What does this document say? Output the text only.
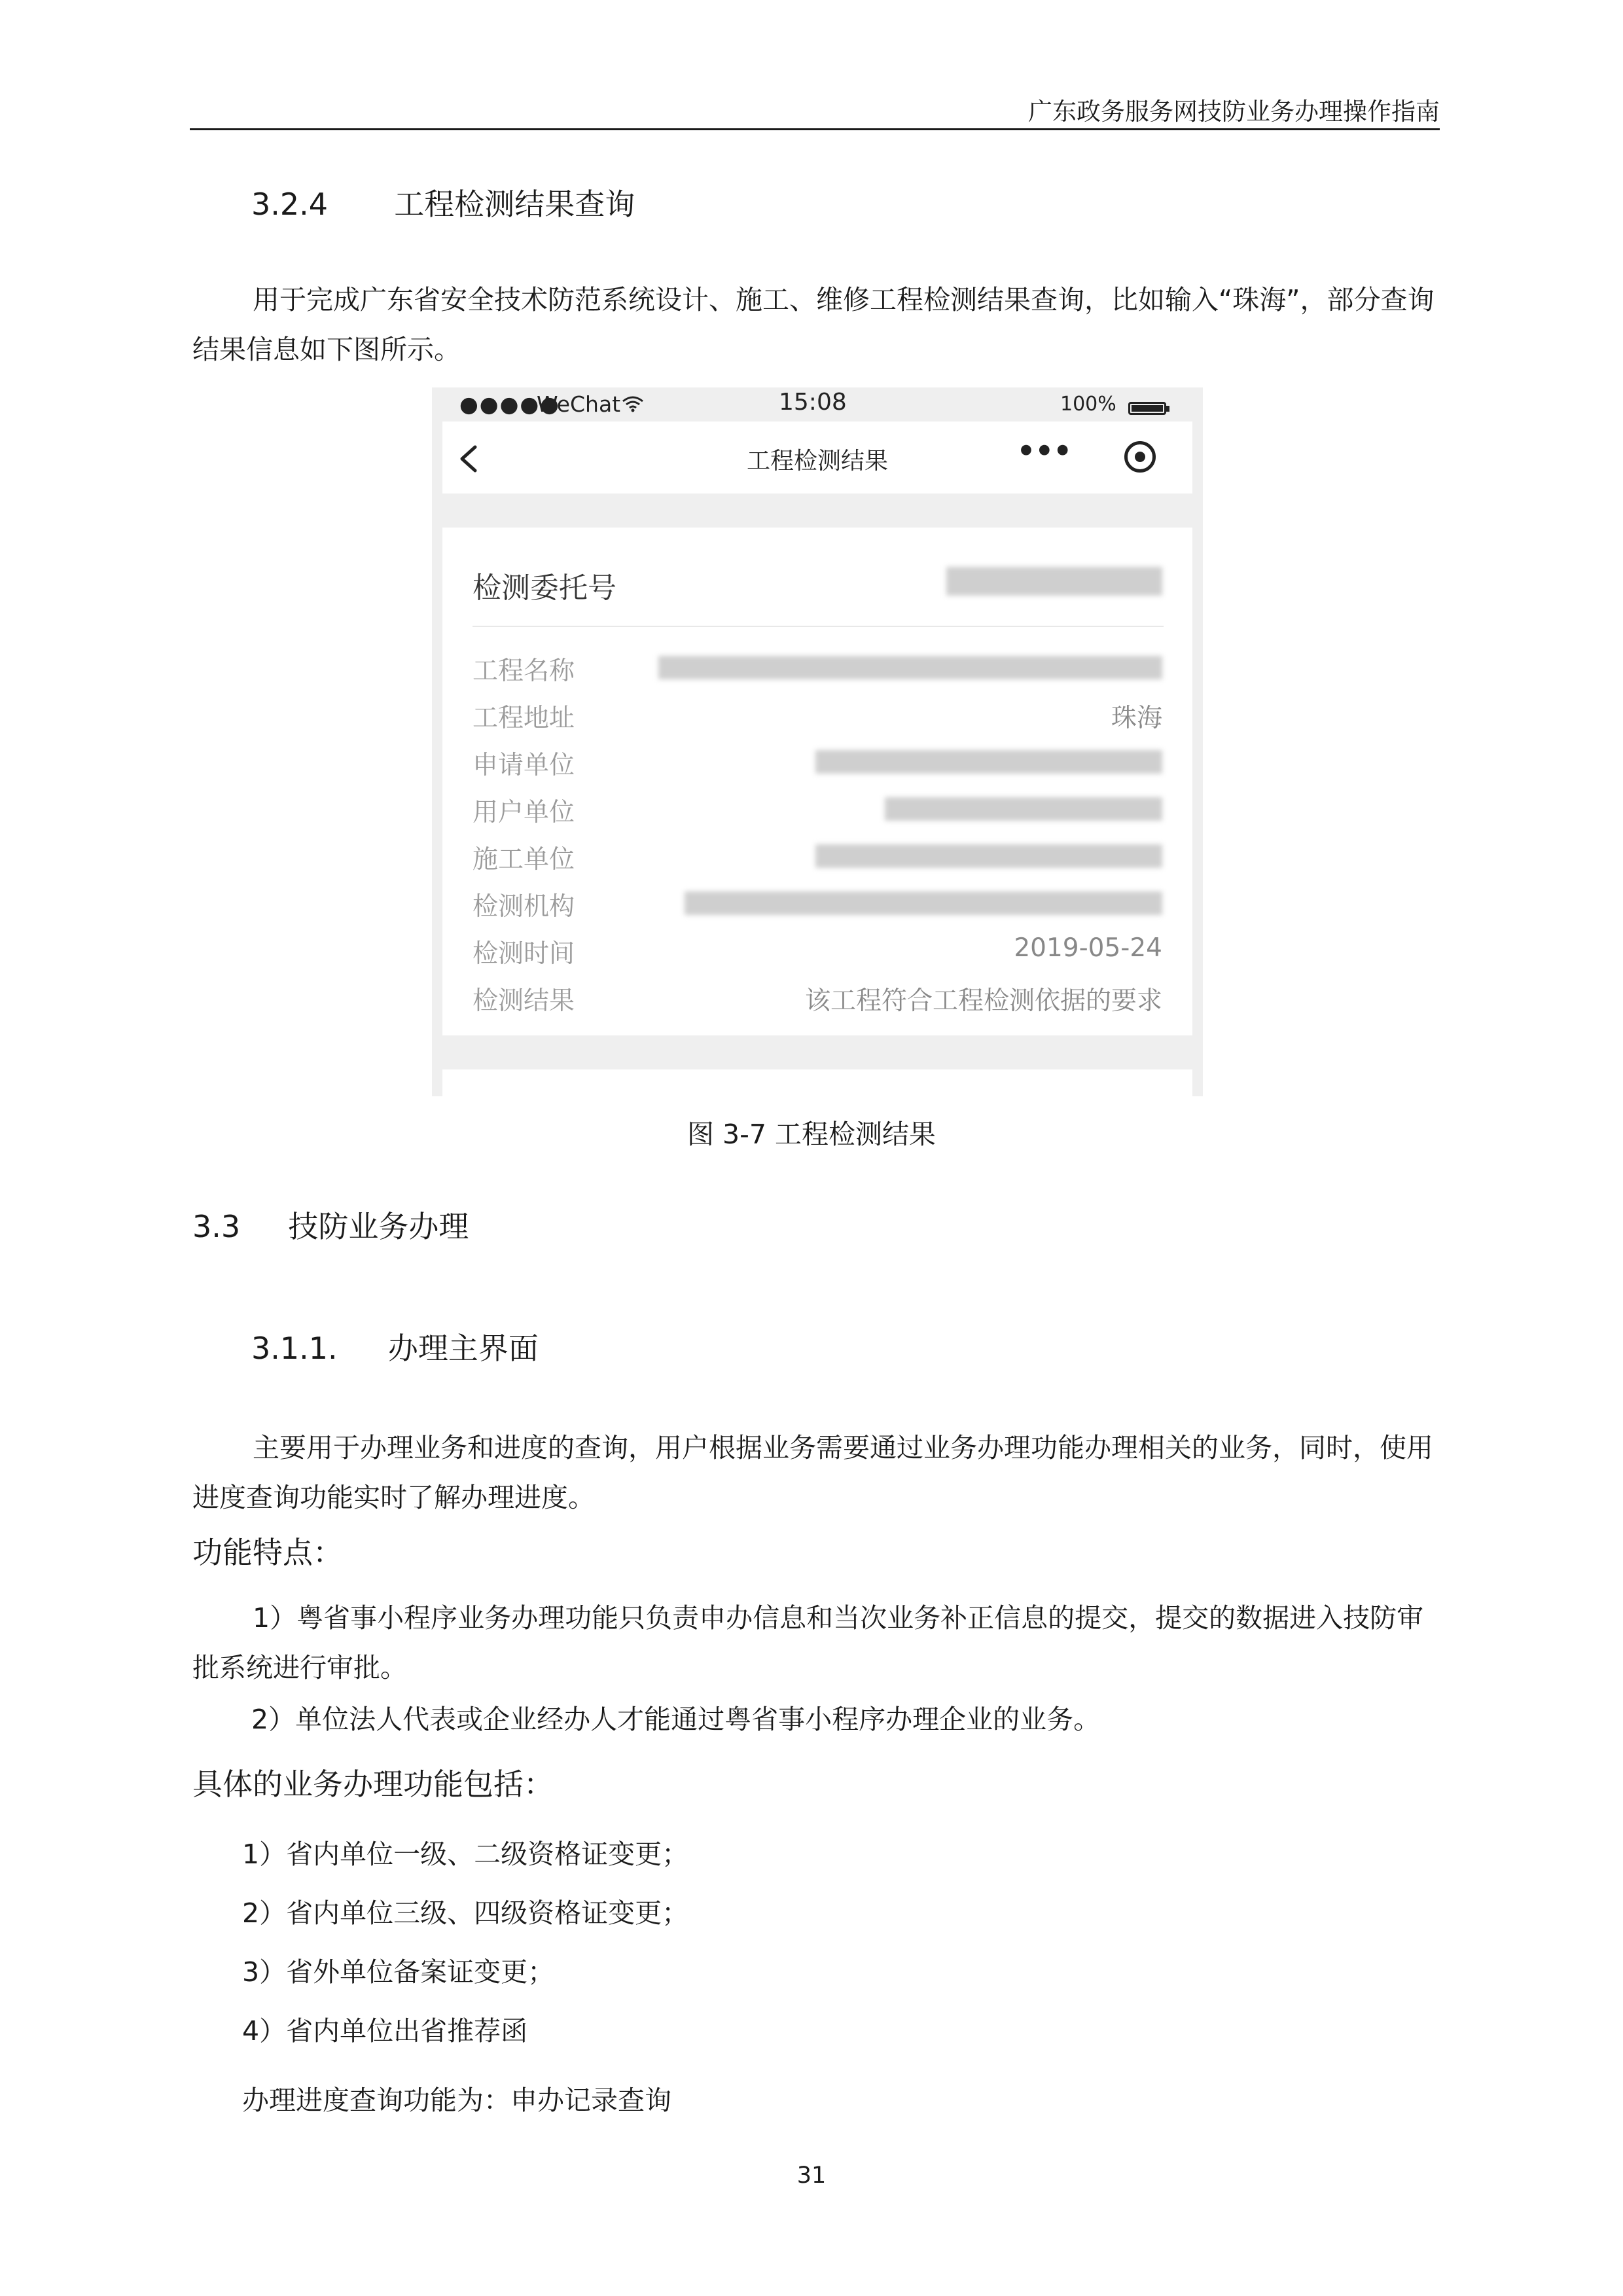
广东政务服务网技防业务办理操作指南
3.2.4 工程检测结果查询
用于完成广东省安全技术防范系统设计、施工、维修工程检测结果查询，比如输入“珠海”，部分查询结果信息如下图所示。
●●●●●
WeChat	15:08	100%
工程检测结果	•••
检测委托号
工程名称
工程地址	珠海
申请单位
用户单位
施工单位
检测机构
检测时间	2019-05-24
检测结果	该工程符合工程检测依据的要求
图 3-7 工程检测结果
3.3 技防业务办理
3.1.1. 办理主界面
主要用于办理业务和进度的查询，用户根据业务需要通过业务办理功能办理相关的业务，同时，使用进度查询功能实时了解办理进度。
功能特点：
1）粤省事小程序业务办理功能只负责申办信息和当次业务补正信息的提交，提交的数据进入技防审批系统进行审批。
2）单位法人代表或企业经办人才能通过粤省事小程序办理企业的业务。
具体的业务办理功能包括：
1）省内单位一级、二级资格证变更；
2）省内单位三级、四级资格证变更；
3）省外单位备案证变更；
4）省内单位出省推荐函
办理进度查询功能为：申办记录查询
31
